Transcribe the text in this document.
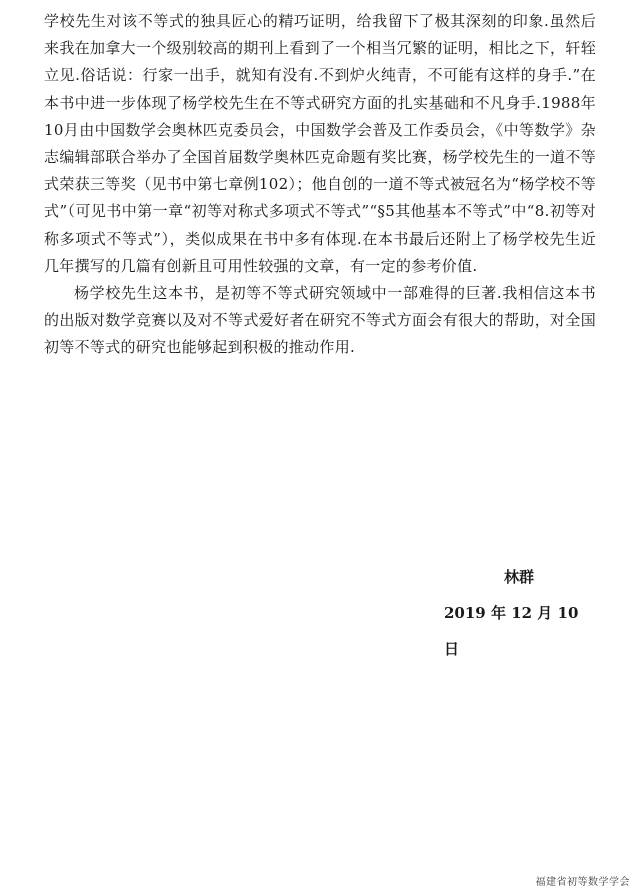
学校先生对该不等式的独具匠心的精巧证明，给我留下了极其深刻的印象.虽然后来我在加拿大一个级别较高的期刊上看到了一个相当冗繁的证明，相比之下，轩轾立见.俗话说：行家一出手，就知有没有.不到炉火纯青，不可能有这样的身手.”在本书中进一步体现了杨学校先生在不等式研究方面的扎实基础和不凡身手.1988年10月由中国数学会奥林匹克委员会，中国数学会普及工作委员会，《中等数学》杂志编辑部联合举办了全国首届数学奥林匹克命题有奖比赛，杨学校先生的一道不等式荣获三等奖（见书中第七章例102）；他自创的一道不等式被冠名为“杨学校不等式”（可见书中第一章“初等对称式多项式不等式”“§5其他基本不等式”中“8.初等对称多项式不等式”），类似成果在书中多有体现.在本书最后还附上了杨学校先生近几年撰写的几篇有创新且可用性较强的文章，有一定的参考价值.

杨学校先生这本书，是初等不等式研究领域中一部难得的巨著.我相信这本书的出版对数学竞赛以及对不等式爱好者在研究不等式方面会有很大的帮助，对全国初等不等式的研究也能够起到积极的推动作用.

林群
2019 年 12 月 10 日
福建省初等数学学会
